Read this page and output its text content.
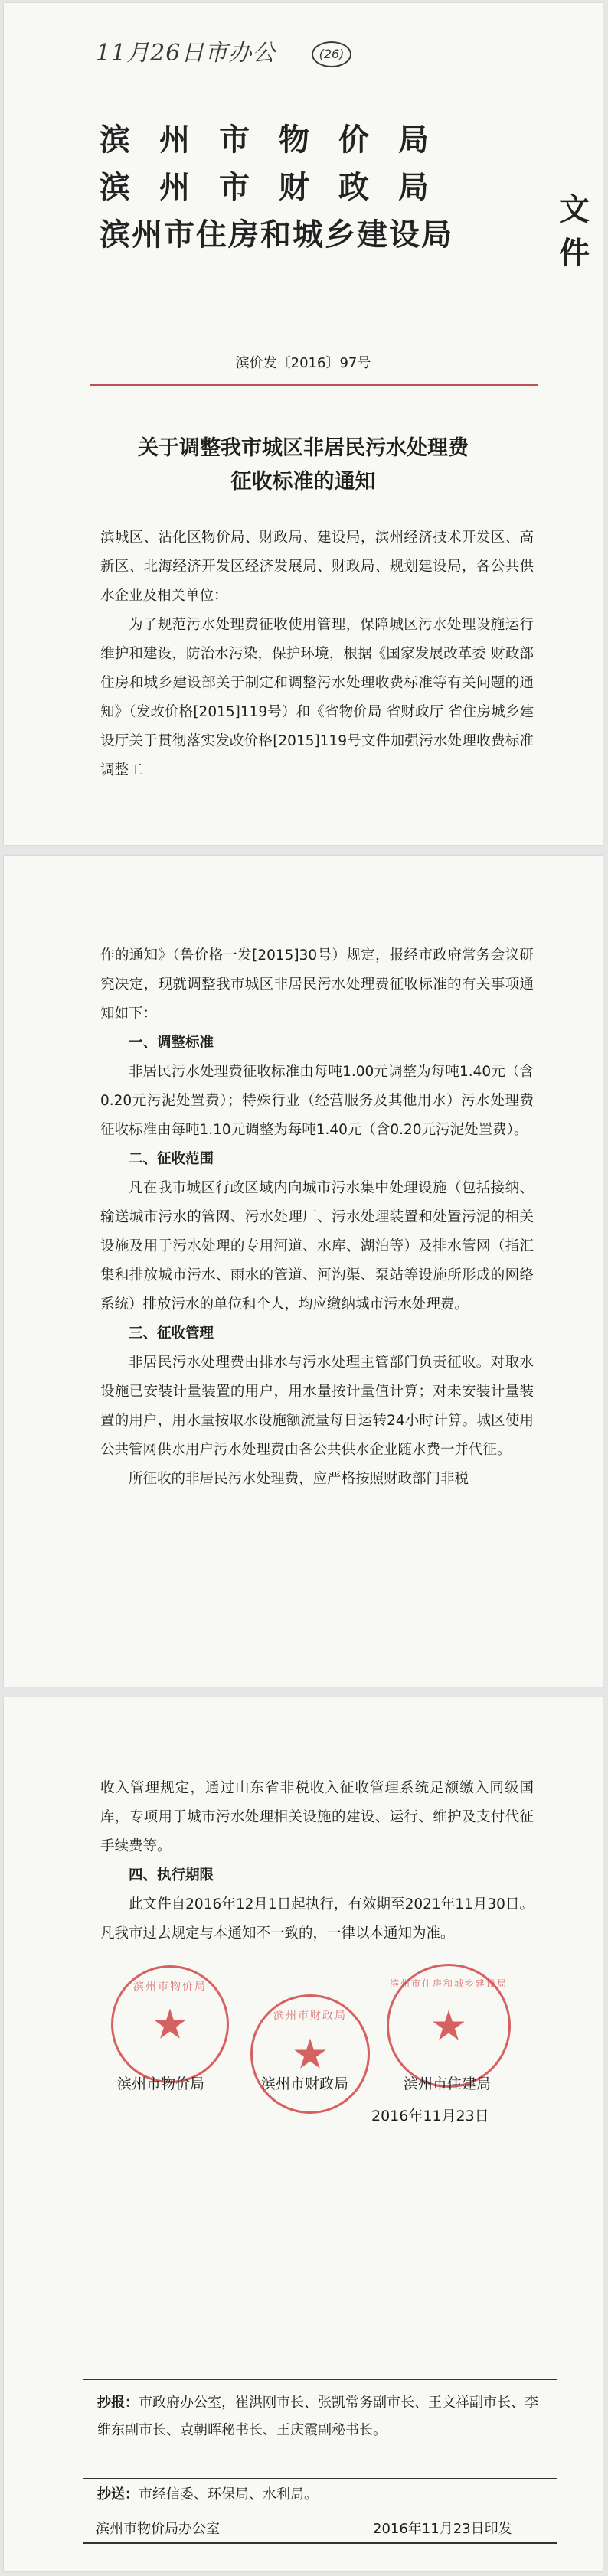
11月26日市办公	(26)
滨州市物价局
滨州市财政局
滨州市住房和城乡建设局
文件
滨价发〔2016〕97号
关于调整我市城区非居民污水处理费
征收标准的通知

滨城区、沾化区物价局、财政局、建设局，滨州经济技术开发区、高新区、北海经济开发区经济发展局、财政局、规划建设局，各公共供水企业及相关单位：

为了规范污水处理费征收使用管理，保障城区污水处理设施运行维护和建设，防治水污染，保护环境，根据《国家发展改革委 财政部 住房和城乡建设部关于制定和调整污水处理收费标准等有关问题的通知》（发改价格[2015]119号）和《省物价局 省财政厅 省住房城乡建设厅关于贯彻落实发改价格[2015]119号文件加强污水处理收费标准调整工

作的通知》（鲁价格一发[2015]30号）规定，报经市政府常务会议研究决定，现就调整我市城区非居民污水处理费征收标准的有关事项通知如下：

一、调整标准

非居民污水处理费征收标准由每吨1.00元调整为每吨1.40元（含0.20元污泥处置费）；特殊行业（经营服务及其他用水）污水处理费征收标准由每吨1.10元调整为每吨1.40元（含0.20元污泥处置费）。

二、征收范围

凡在我市城区行政区域内向城市污水集中处理设施（包括接纳、输送城市污水的管网、污水处理厂、污水处理装置和处置污泥的相关设施及用于污水处理的专用河道、水库、湖泊等）及排水管网（指汇集和排放城市污水、雨水的管道、河沟渠、泵站等设施所形成的网络系统）排放污水的单位和个人，均应缴纳城市污水处理费。

三、征收管理

非居民污水处理费由排水与污水处理主管部门负责征收。对取水设施已安装计量装置的用户，用水量按计量值计算；对未安装计量装置的用户，用水量按取水设施额流量每日运转24小时计算。城区使用公共管网供水用户污水处理费由各公共供水企业随水费一并代征。

所征收的非居民污水处理费，应严格按照财政部门非税

收入管理规定，通过山东省非税收入征收管理系统足额缴入同级国库，专项用于城市污水处理相关设施的建设、运行、维护及支付代征手续费等。

四、执行期限

此文件自2016年12月1日起执行，有效期至2021年11月30日。凡我市过去规定与本通知不一致的，一律以本通知为准。

滨州市物价局
★	滨州市财政局
★
滨州市住房和城乡建设局
★
滨州市物价局	滨州市财政局	滨州市住建局
2016年11月23日
抄报：市政府办公室，崔洪刚市长、张凯常务副市长、王文祥副市长、李维东副市长、袁朝晖秘书长、王庆霞副秘书长。
抄送：市经信委、环保局、水利局。
滨州市物价局办公室	2016年11月23日印发
